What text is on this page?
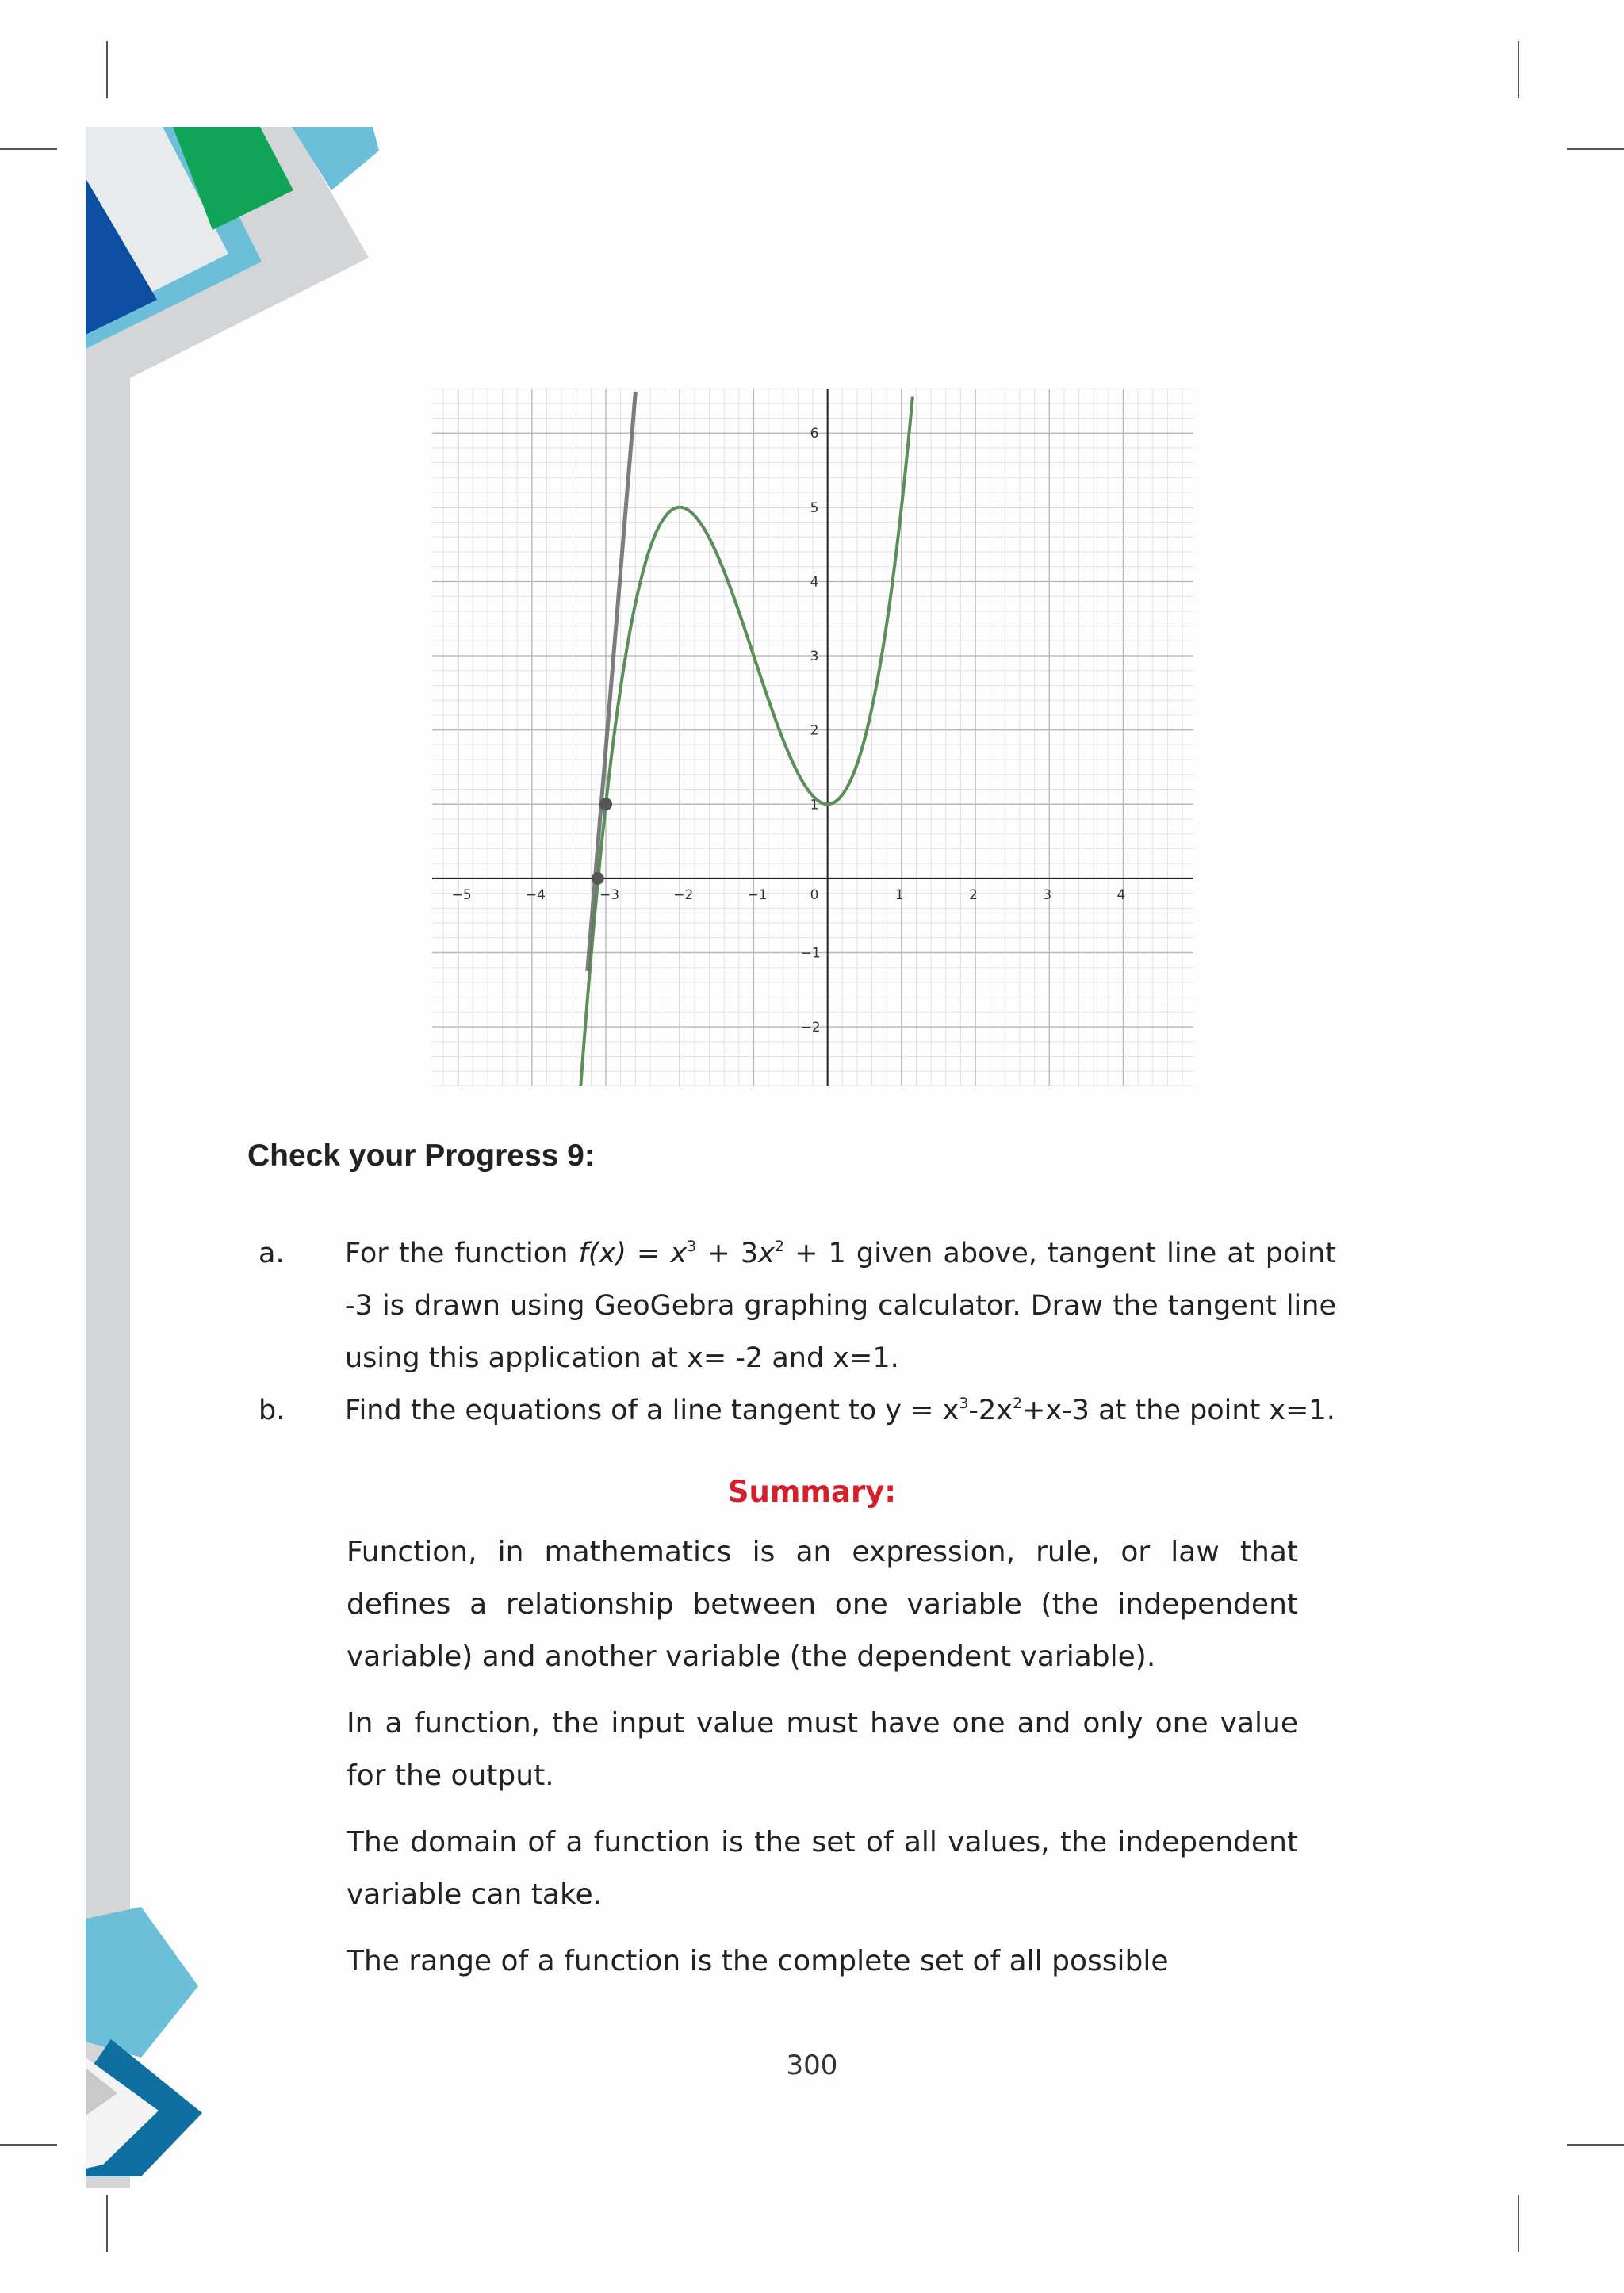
−5	−4	−3	−2	−1	0	1	2	3	4
6
5
4
3
2
1
−1
−2
Check your Progress 9:
a. For the function $f(x) = x^3 + 3x^2 + 1$ given above, tangent line at point -3 is drawn using GeoGebra graphing calculator. Draw the tangent line using this application at x= -2 and x=1.

b. Find the equations of a line tangent to $y = x^3-2x^2+x-3$ at the point x=1.

Summary:

Function, in mathematics is an expression, rule, or law that defines a relationship between one variable (the independent variable) and another variable (the dependent variable).

In a function, the input value must have one and only one value for the output.

The domain of a function is the set of all values, the independent variable can take.

The range of a function is the complete set of all possible

300
